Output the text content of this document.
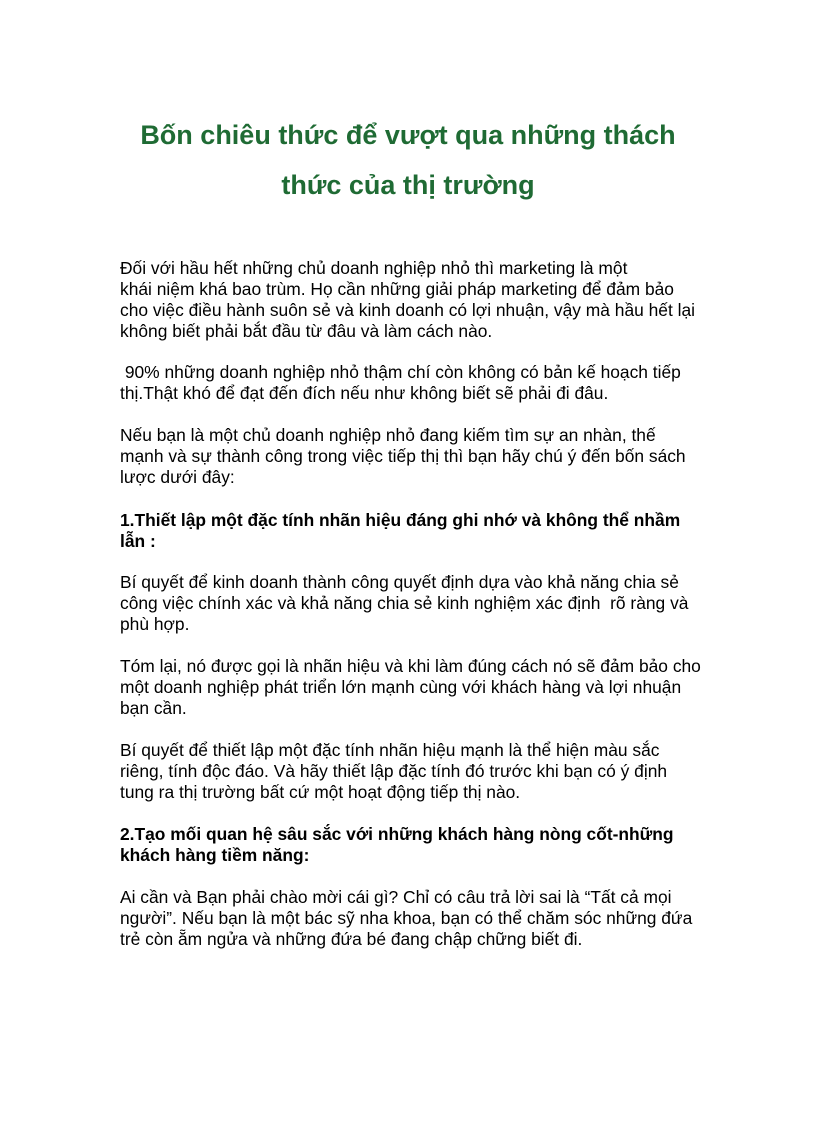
Bốn chiêu thức để vượt qua những thách
thức của thị trường

Đối với hầu hết những chủ doanh nghiệp nhỏ thì marketing là một
khái niệm khá bao trùm. Họ cần những giải pháp marketing để đảm bảo
cho việc điều hành suôn sẻ và kinh doanh có lợi nhuận, vậy mà hầu hết lại
không biết phải bắt đầu từ đâu và làm cách nào.

90% những doanh nghiệp nhỏ thậm chí còn không có bản kế hoạch tiếp
thị.Thật khó để đạt đến đích nếu như không biết sẽ phải đi đâu.

Nếu bạn là một chủ doanh nghiệp nhỏ đang kiếm tìm sự an nhàn, thế
mạnh và sự thành công trong việc tiếp thị thì bạn hãy chú ý đến bốn sách
lược dưới đây:

1.Thiết lập một đặc tính nhãn hiệu đáng ghi nhớ và không thể nhầm
lẫn :

Bí quyết để kinh doanh thành công quyết định dựa vào khả năng chia sẻ
công việc chính xác và khả năng chia sẻ kinh nghiệm xác định  rõ ràng và
phù hợp.

Tóm lại, nó được gọi là nhãn hiệu và khi làm đúng cách nó sẽ đảm bảo cho
một doanh nghiệp phát triển lớn mạnh cùng với khách hàng và lợi nhuận
bạn cần.

Bí quyết để thiết lập một đặc tính nhãn hiệu mạnh là thể hiện màu sắc
riêng, tính độc đáo. Và hãy thiết lập đặc tính đó trước khi bạn có ý định
tung ra thị trường bất cứ một hoạt động tiếp thị nào.

2.Tạo mối quan hệ sâu sắc với những khách hàng nòng cốt-những
khách hàng tiềm năng:

Ai cần và Bạn phải chào mời cái gì? Chỉ có câu trả lời sai là “Tất cả mọi
người”. Nếu bạn là một bác sỹ nha khoa, bạn có thể chăm sóc những đứa
trẻ còn ẵm ngửa và những đứa bé đang chập chững biết đi.
